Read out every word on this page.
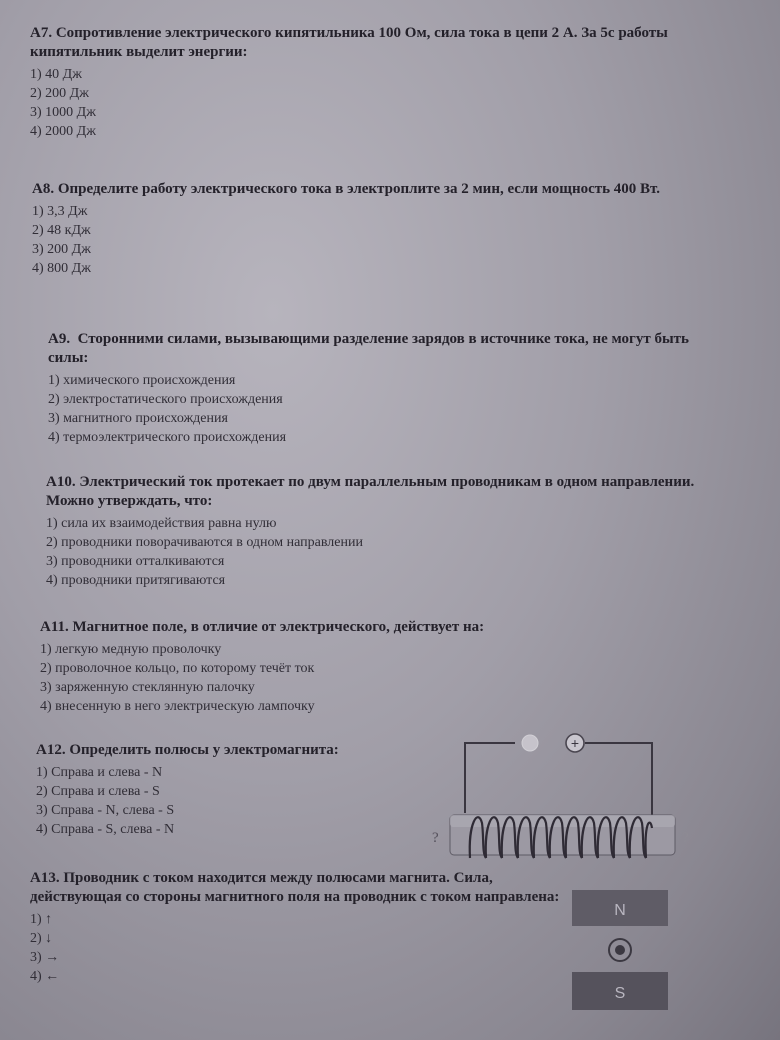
А7. Сопротивление электрического кипятильника 100 Ом, сила тока в цепи 2 А. За 5с работы кипятильник выделит энергии:
1) 40 Дж
2) 200 Дж
3) 1000 Дж
4) 2000 Дж
А8. Определите работу электрического тока в электроплите за 2 мин, если мощность 400 Вт.
1) 3,3 Дж
2) 48 кДж
3) 200 Дж
4) 800 Дж
А9.  Сторонними силами, вызывающими разделение зарядов в источнике тока, не могут быть силы:
1) химического происхождения
2) электростатического происхождения
3) магнитного происхождения
4) термоэлектрического происхождения
А10. Электрический ток протекает по двум параллельным проводникам в одном направлении. Можно утверждать, что:
1) сила их взаимодействия равна нулю
2) проводники поворачиваются в одном направлении
3) проводники отталкиваются
4) проводники притягиваются
А11. Магнитное поле, в отличие от электрического, действует на:
1) легкую медную проволочку
2) проволочное кольцо, по которому течёт ток
3) заряженную стеклянную палочку
4) внесенную в него электрическую лампочку
А12. Определить полюсы у электромагнита:
1) Справа и слева - N
2) Справа и слева - S
3) Справа - N, слева - S
4) Справа - S, слева - N
+
?	?
А13. Проводник с током находится между полюсами магнита. Сила, действующая со стороны магнитного поля на проводник с током направлена:
1) ↑
2) ↓
3) →
4) ←
N
S
